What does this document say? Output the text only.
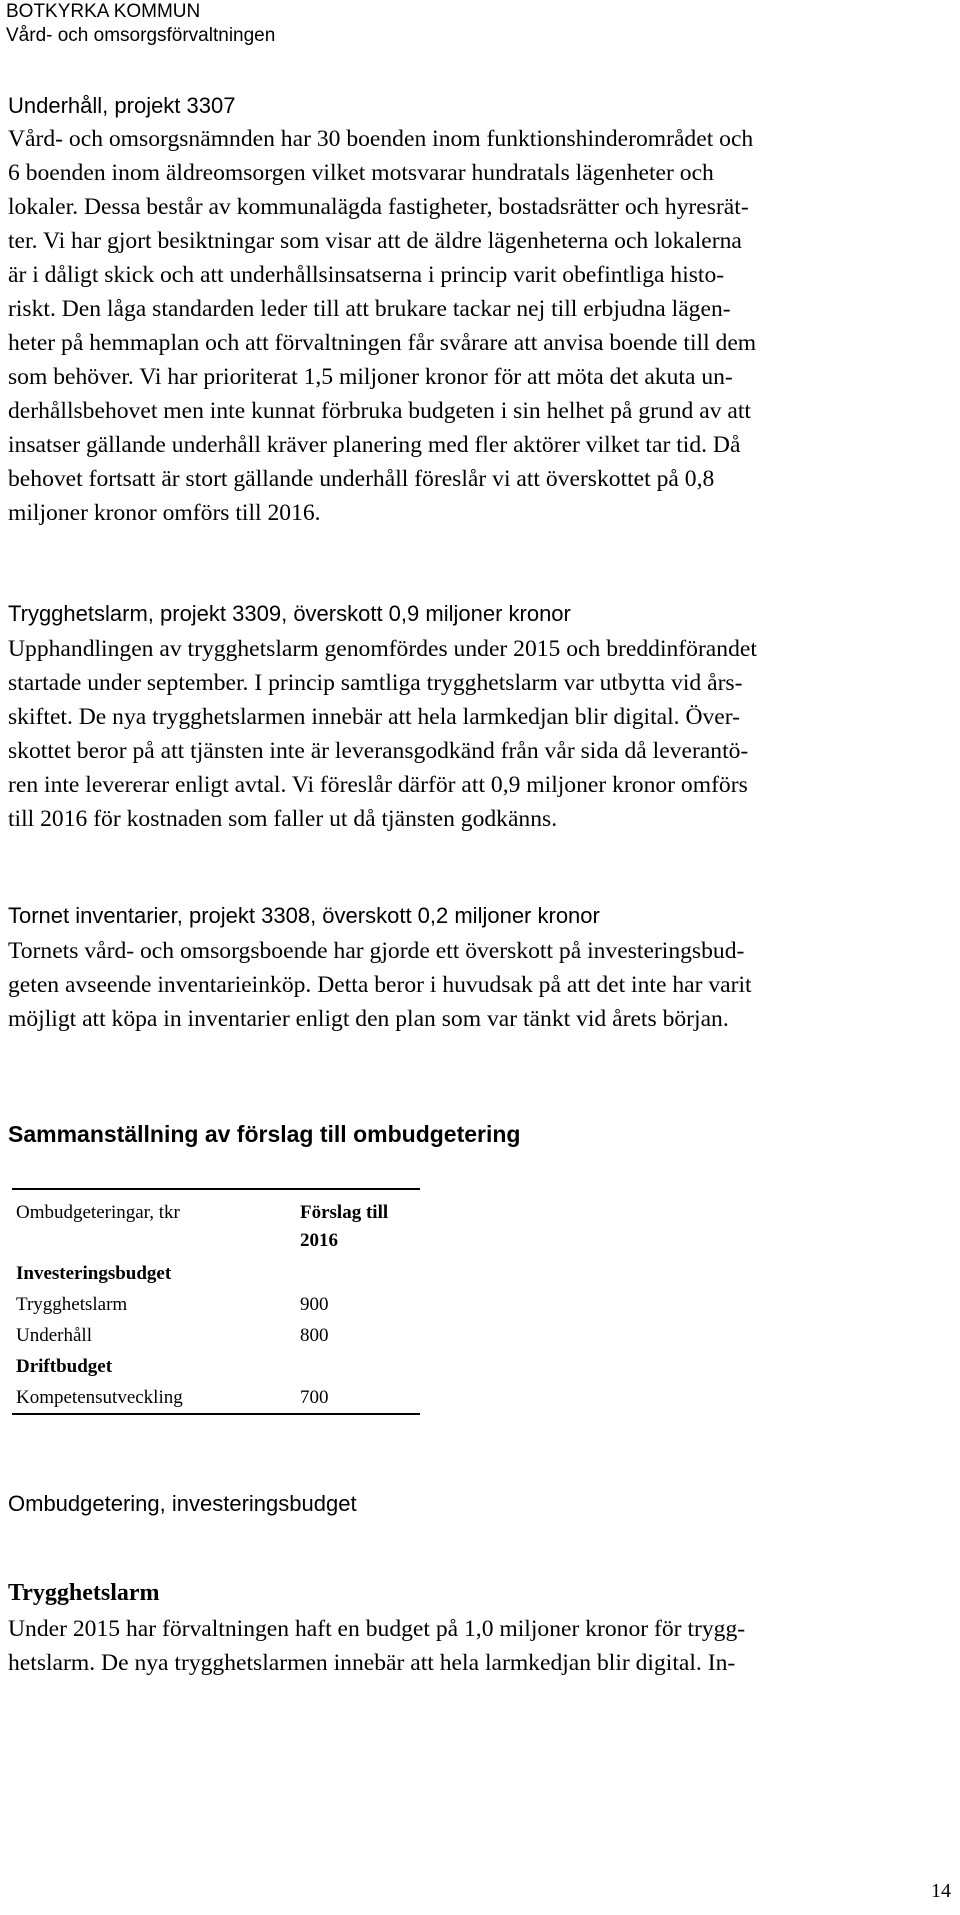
BOTKYRKA KOMMUN
Vård- och omsorgsförvaltningen
Underhåll, projekt 3307
Vård- och omsorgsnämnden har 30 boenden inom funktionshinderområdet och
6 boenden inom äldreomsorgen vilket motsvarar hundratals lägenheter och
lokaler. Dessa består av kommunalägda fastigheter, bostadsrätter och hyresrät-
ter. Vi har gjort besiktningar som visar att de äldre lägenheterna och lokalerna
är i dåligt skick och att underhållsinsatserna i princip varit obefintliga histo-
riskt. Den låga standarden leder till att brukare tackar nej till erbjudna lägen-
heter på hemmaplan och att förvaltningen får svårare att anvisa boende till dem
som behöver. Vi har prioriterat 1,5 miljoner kronor för att möta det akuta un-
derhållsbehovet men inte kunnat förbruka budgeten i sin helhet på grund av att
insatser gällande underhåll kräver planering med fler aktörer vilket tar tid. Då
behovet fortsatt är stort gällande underhåll föreslår vi att överskottet på 0,8
miljoner kronor omförs till 2016.
Trygghetslarm, projekt 3309, överskott 0,9 miljoner kronor
Upphandlingen av trygghetslarm genomfördes under 2015 och breddinförandet
startade under september. I princip samtliga trygghetslarm var utbytta vid års-
skiftet. De nya trygghetslarmen innebär att hela larmkedjan blir digital. Över-
skottet beror på att tjänsten inte är leveransgodkänd från vår sida då leverantö-
ren inte levererar enligt avtal. Vi föreslår därför att 0,9 miljoner kronor omförs
till 2016 för kostnaden som faller ut då tjänsten godkänns.
Tornet inventarier, projekt 3308, överskott 0,2 miljoner kronor
Tornets vård- och omsorgsboende har gjorde ett överskott på investeringsbud-
geten avseende inventarieinköp. Detta beror i huvudsak på att det inte har varit
möjligt att köpa in inventarier enligt den plan som var tänkt vid årets början.
Sammanställning av förslag till ombudgetering
Ombudgeteringar, tkr	Förslag till
2016
Investeringsbudget
Trygghetslarm	900
Underhåll	800
Driftbudget
Kompetensutveckling	700
Ombudgetering, investeringsbudget
Trygghetslarm
Under 2015 har förvaltningen haft en budget på 1,0 miljoner kronor för trygg-
hetslarm. De nya trygghetslarmen innebär att hela larmkedjan blir digital. In-
14
